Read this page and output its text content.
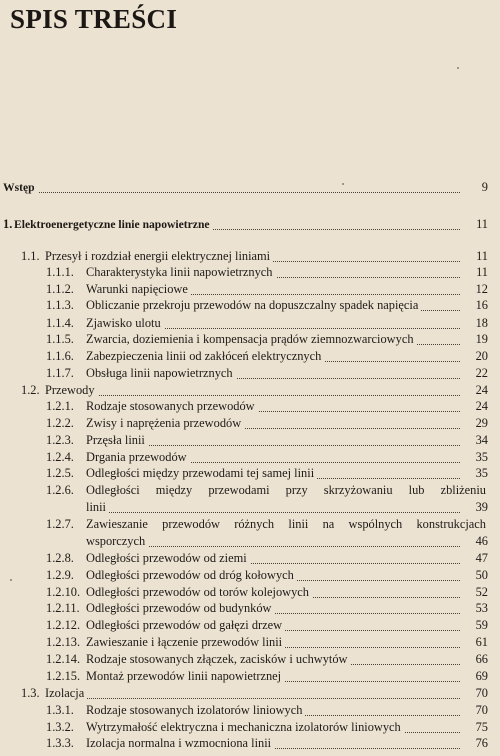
SPIS TREŚCI
Wstęp	9
1. Elektroenergetyczne linie napowietrzne	11
1.1. Przesył i rozdział energii elektrycznej liniami	11
1.1.1. Charakterystyka linii napowietrznych	11
1.1.2. Warunki napięciowe	12
1.1.3. Obliczanie przekroju przewodów na dopuszczalny spadek napięcia	16
1.1.4. Zjawisko ulotu	18
1.1.5. Zwarcia, doziemienia i kompensacja prądów ziemnozwarciowych	19
1.1.6. Zabezpieczenia linii od zakłóceń elektrycznych	20
1.1.7. Obsługa linii napowietrznych	22
1.2. Przewody	24
1.2.1. Rodzaje stosowanych przewodów	24
1.2.2. Zwisy i naprężenia przewodów	29
1.2.3. Przęsła linii	34
1.2.4. Drgania przewodów	35
1.2.5. Odległości między przewodami tej samej linii	35
1.2.6. Odległości między przewodami przy skrzyżowaniu lub zbliżeniu
linii	39
1.2.7. Zawieszanie przewodów różnych linii na wspólnych konstrukcjach
wsporczych	46
1.2.8. Odległości przewodów od ziemi	47
1.2.9. Odległości przewodów od dróg kołowych	50
1.2.10. Odległości przewodów od torów kolejowych	52
1.2.11. Odległości przewodów od budynków	53
1.2.12. Odległości przewodów od gałęzi drzew	59
1.2.13. Zawieszanie i łączenie przewodów linii	61
1.2.14. Rodzaje stosowanych złączek, zacisków i uchwytów	66
1.2.15. Montaż przewodów linii napowietrznej	69
1.3. Izolacja	70
1.3.1. Rodzaje stosowanych izolatorów liniowych	70
1.3.2. Wytrzymałość elektryczna i mechaniczna izolatorów liniowych	75
1.3.3. Izolacja normalna i wzmocniona linii	76
